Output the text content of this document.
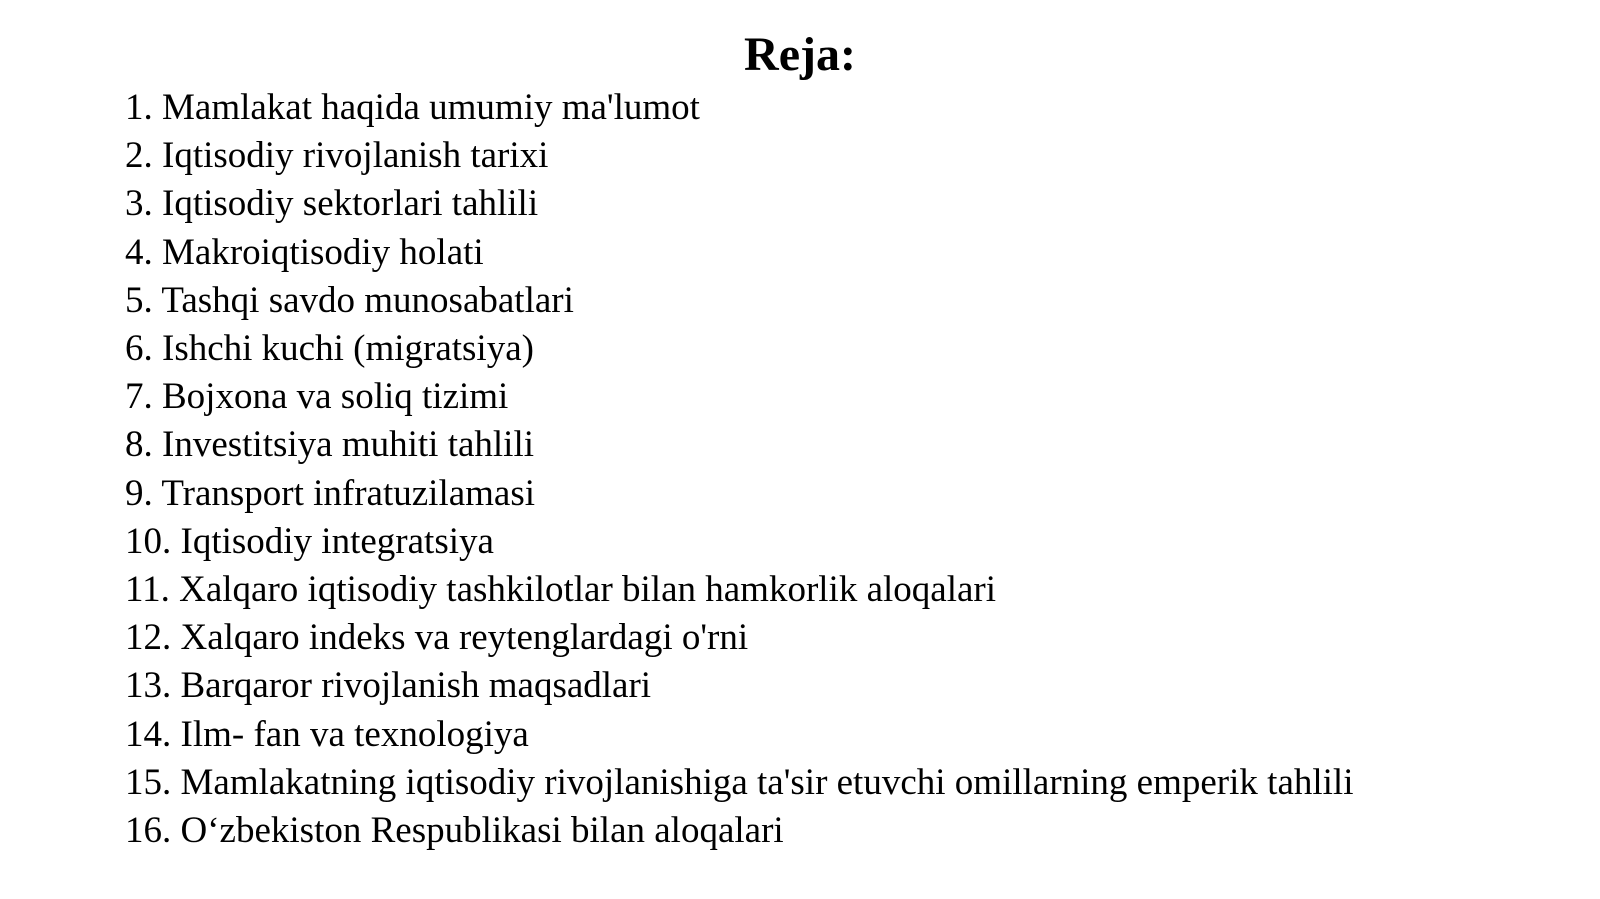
Reja:
1. Mamlakat haqida umumiy ma'lumot
2. Iqtisodiy rivojlanish tarixi
3. Iqtisodiy sektorlari tahlili
4. Makroiqtisodiy holati
5. Tashqi savdo munosabatlari
6. Ishchi kuchi (migratsiya)
7. Bojxona va soliq tizimi
8. Investitsiya muhiti tahlili
9. Transport infratuzilamasi
10. Iqtisodiy integratsiya
11. Xalqaro iqtisodiy tashkilotlar bilan hamkorlik aloqalari
12. Xalqaro indeks va reytenglardagi o'rni
13. Barqaror rivojlanish maqsadlari
14. Ilm- fan va texnologiya
15. Mamlakatning iqtisodiy rivojlanishiga ta'sir etuvchi omillarning emperik tahlili
16. O‘zbekiston Respublikasi bilan aloqalari
